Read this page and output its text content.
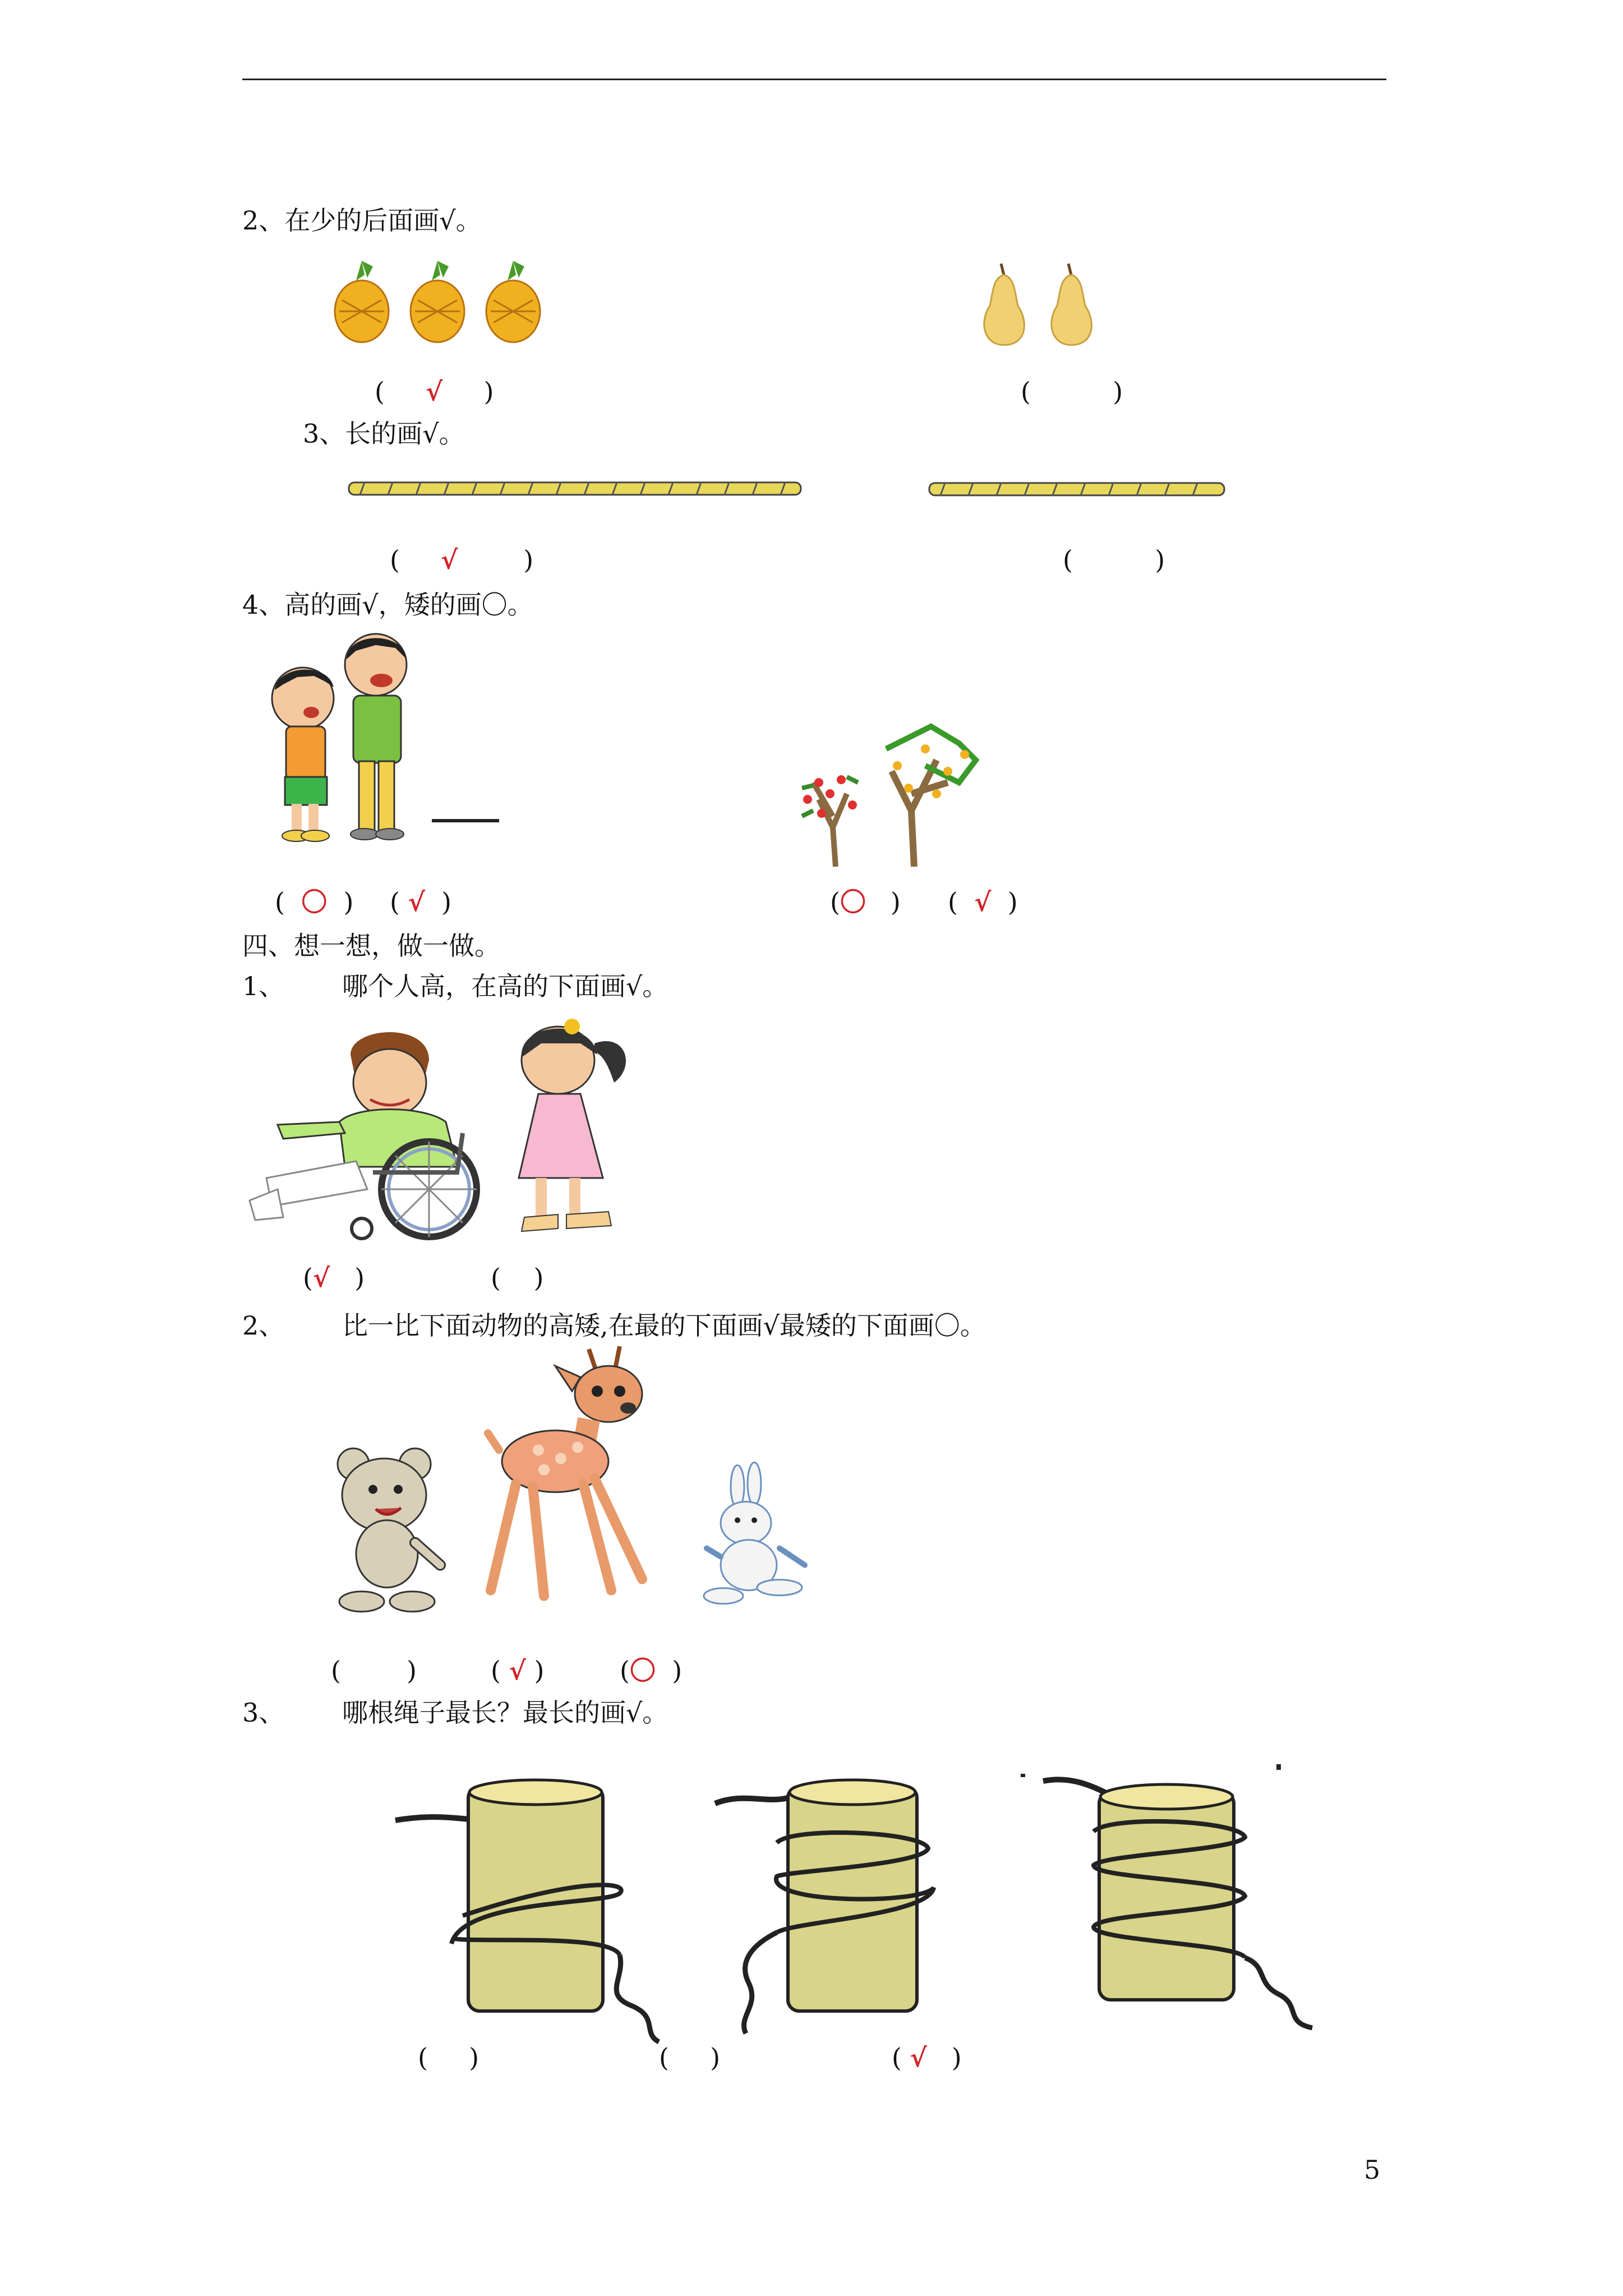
2、在少的后面画√。
( √ )	(	)
3、长的画√。
( √	)	(	)
4、高的画√，矮的画〇。
( 〇 ) ( √ )	(〇 ) ( √ )
四、想一想，做一做。
1、 哪个人高，在高的下面画√。
(√ )	( )
2、 比一比下面动物的高矮,在最的下面画√最矮的下面画〇。
(	)	( √ )	(〇 )
3、 哪根绳子最长？最长的画√。
( )	( )	( √ )
5
